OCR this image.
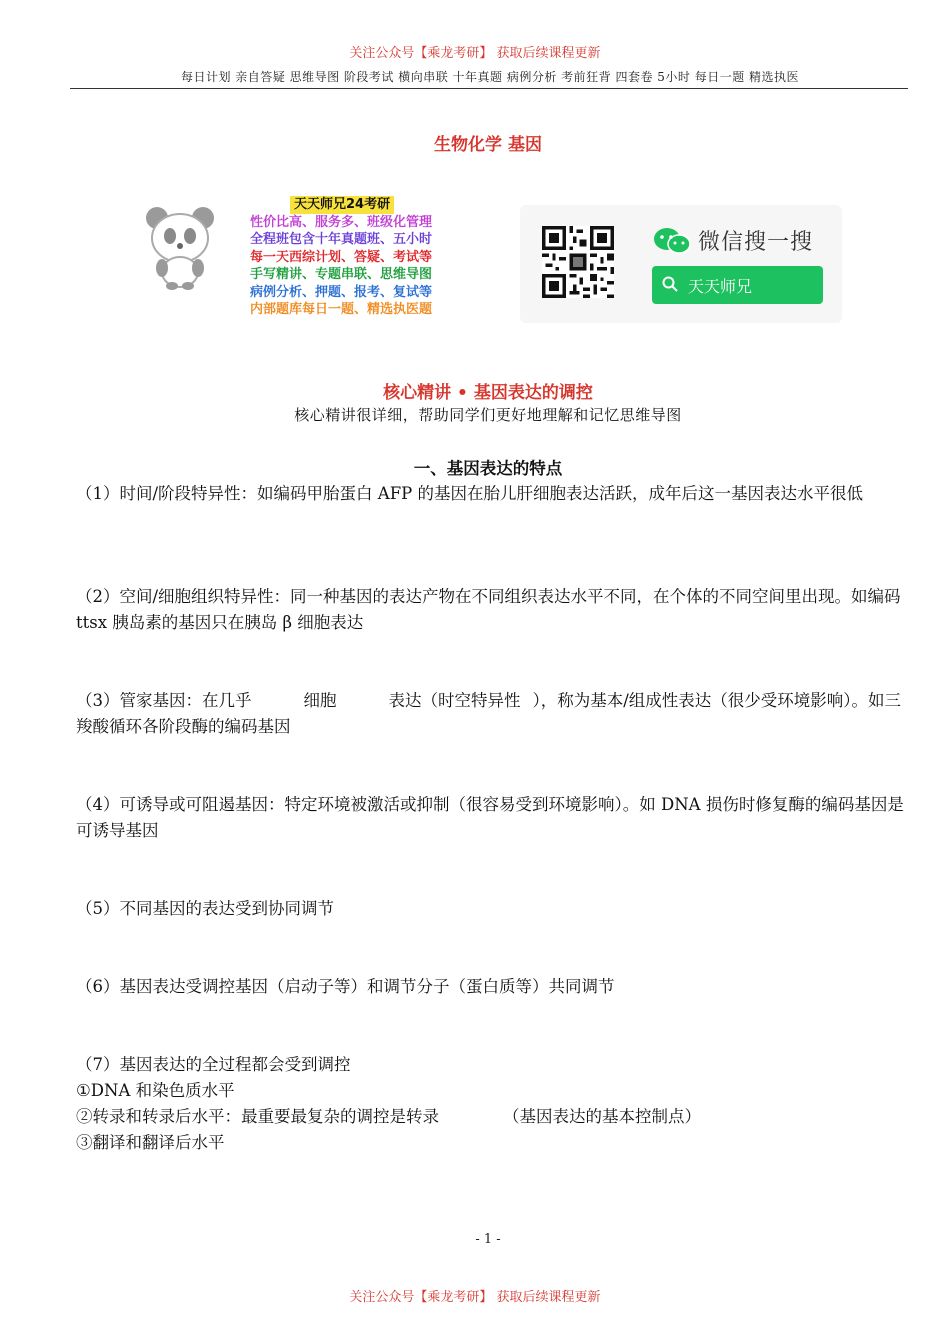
关注公众号【乘龙考研】 获取后续课程更新
每日计划 亲自答疑 思维导图 阶段考试 横向串联 十年真题 病例分析 考前狂背 四套卷 5小时 每日一题 精选执医
生物化学 基因
天天师兄24考研
性价比高、服务多、班级化管理
全程班包含十年真题班、五小时
每一天西综计划、答疑、考试等
手写精讲、专题串联、思维导图
病例分析、押题、报考、复试等
内部题库每日一题、精选执医题
微信搜一搜
天天师兄
核心精讲 • 基因表达的调控
核心精讲很详细，帮助同学们更好地理解和记忆思维导图
一、基因表达的特点
（1）时间/阶段特异性：如编码甲胎蛋白 AFP 的基因在胎儿肝细胞表达活跃，成年后这一基因表达水平很低
（2）空间/细胞组织特异性：同一种基因的表达产物在不同组织表达水平不同，在个体的不同空间里出现。如编码 ttsx 胰岛素的基因只在胰岛 β 细胞表达
（3）管家基因：在几乎	细胞	表达（时空特异性 ），称为基本/组成性表达（很少受环境影响）。如三羧酸循环各阶段酶的编码基因
（4）可诱导或可阻遏基因：特定环境被激活或抑制（很容易受到环境影响）。如 DNA 损伤时修复酶的编码基因是可诱导基因
（5）不同基因的表达受到协同调节
（6）基因表达受调控基因（启动子等）和调节分子（蛋白质等）共同调节
（7）基因表达的全过程都会受到调控
①DNA 和染色质水平
②转录和转录后水平：最重要最复杂的调控是转录	（基因表达的基本控制点）
③翻译和翻译后水平
- 1 -
关注公众号【乘龙考研】 获取后续课程更新
